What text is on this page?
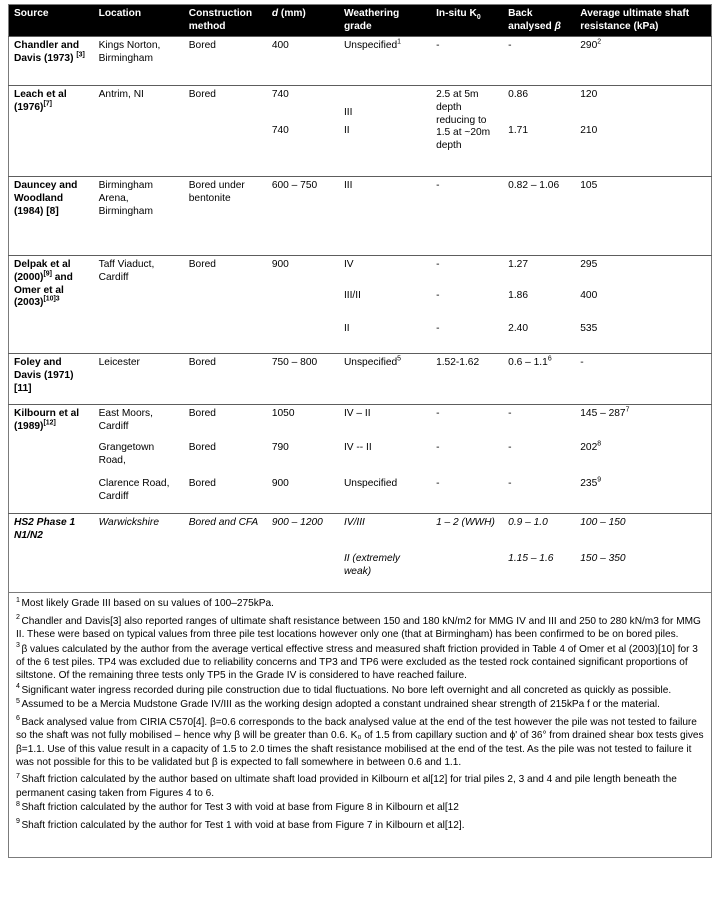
Source	Location	Construction method	d (mm)	Weathering grade	In-situ $K_0$	Back analysed β	Average ultimate shaft resistance (kPa)
Chandler and Davis (1973) [3]	Kings Norton, Birmingham	Bored	400	Unspecified$^1$	-	-	$290^2$
Leach et al (1976)[7]	Antrim, NI	Bored	740	III	2.5 at 5m depth reducing to 1.5 at ~20m depth	0.86	120
			740	II		1.71	210
Dauncey and Woodland (1984) [8]	Birmingham Arena, Birmingham	Bored under bentonite	600 – 750	III	-	0.82 – 1.06	105
Delpak et al (2000)[9] and Omer et al $(2003)^{[10]3}$	Taff Viaduct, Cardiff	Bored	900	IV	-	1.27	295
				III/II	-	1.86	400
				II	-	2.40	535
Foley and Davis (1971)[11]	Leicester	Bored	750 – 800	Unspecified$^5$	1.52-1.62	$0.6 - 1.1^6$	-
Kilbourn et al (1989)[12]	East Moors, Cardiff	Bored	1050	IV – II	-	-	$145 - 287^7$
	Grangetown Road,	Bored	790	IV -- II	-	-	$202^8$
	Clarence Road, Cardiff	Bored	900	Unspecified	-	-	$235^9$
HS2 Phase 1 N1/N2	Warwickshire	Bored and CFA	900 – 1200	IV/III	1 – 2 (WWH)	0.9 – 1.0	100 – 150
				II (extremely weak)		1.15 – 1.6	150 – 350

$^1$ Most likely Grade III based on su values of 100–275kPa.

$^2$ Chandler and Davis[3] also reported ranges of ultimate shaft resistance between 150 and 180 kN/m2 for MMG IV and III and 250 to 280 kN/m3 for MMG II. These were based on typical values from three pile test locations however only one (that at Birmingham) has been confirmed to be on bored piles.

$^3$ β values calculated by the author from the average vertical effective stress and measured shaft friction provided in Table 4 of Omer et al (2003)[10] for 3 of the 6 test piles. TP4 was excluded due to reliability concerns and TP3 and TP6 were excluded as the tested rock contained significant proportions of siltstone. Of the remaining three tests only TP5 in the Grade IV is considered to have reached failure.

$^4$ Significant water ingress recorded during pile construction due to tidal fluctuations. No bore left overnight and all concreted as quickly as possible.

$^5$ Assumed to be a Mercia Mudstone Grade IV/III as the working design adopted a constant undrained shear strength of 215kPa f or the material.

$^6$ Back analysed value from CIRIA C570[4]. β=0.6 corresponds to the back analysed value at the end of the test however the pile was not tested to failure so the shaft was not fully mobilised – hence why β will be greater than 0.6. K₀ of 1.5 from capillary suction and ϕ' of 36° from drained shear box tests gives β=1.1. Use of this value result in a capacity of 1.5 to 2.0 times the shaft resistance mobilised at the end of the test. As the pile was not tested to failure it was not possible for this to be validated but β is expected to fall somewhere in between 0.6 and 1.1.

$^7$ Shaft friction calculated by the author based on ultimate shaft load provided in Kilbourn et al[12] for trial piles 2, 3 and 4 and pile length beneath the permanent casing taken from Figures 4 to 6.

$^8$ Shaft friction calculated by the author for Test 3 with void at base from Figure 8 in Kilbourn et al[12

$^9$ Shaft friction calculated by the author for Test 1 with void at base from Figure 7 in Kilbourn et al[12].
